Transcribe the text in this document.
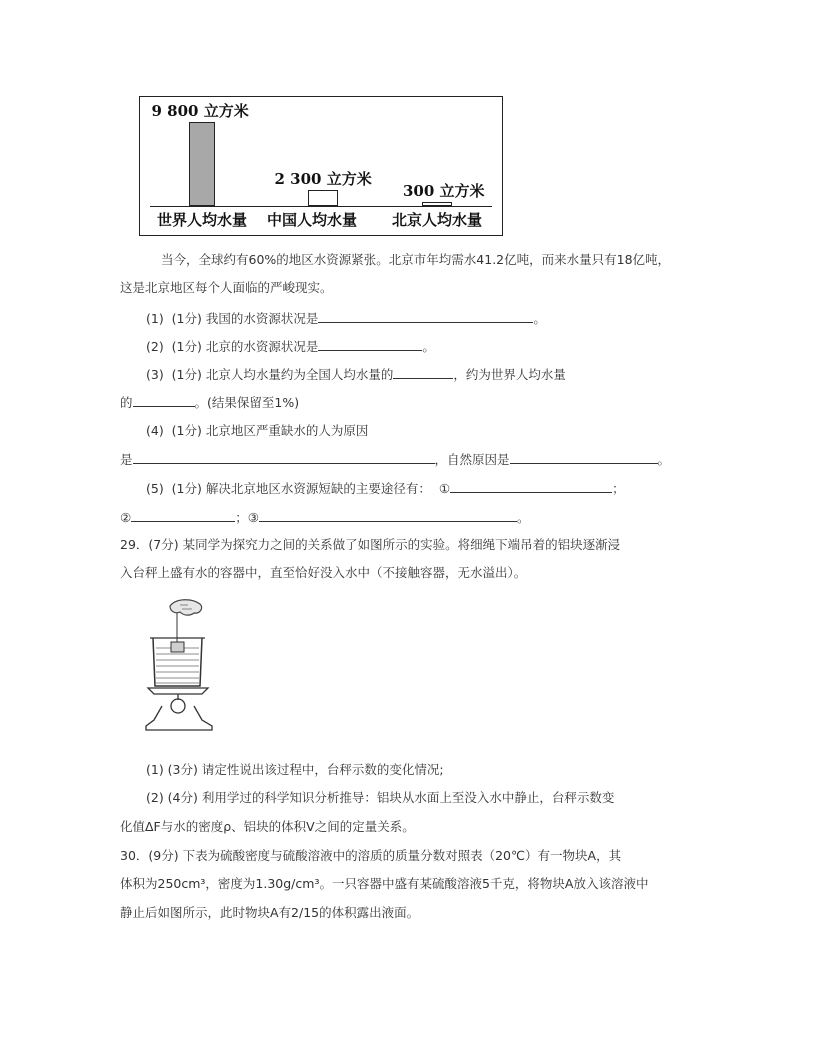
9 800 立方米
世界人均水量
2 300 立方米
中国人均水量
300 立方米
北京人均水量
当今，全球约有60%的地区水资源紧张。北京市年均需水41.2亿吨，而来水量只有18亿吨，
这是北京地区每个人面临的严峻现实。
(1) (1分) 我国的水资源状况是	。
(2) (1分) 北京的水资源状况是	。
(3) (1分) 北京人均水量约为全国人均水量的	，约为世界人均水量
的	。(结果保留至1%)
(4) (1分) 北京地区严重缺水的人为原因
是	，自然原因是	。
(5) (1分) 解决北京地区水资源短缺的主要途径有： ①	；
②	；③	。
29．(7分) 某同学为探究力之间的关系做了如图所示的实验。将细绳下端吊着的铝块逐渐浸
入台秤上盛有水的容器中，直至恰好没入水中（不接触容器，无水溢出）。
(1) (3分) 请定性说出该过程中，台秤示数的变化情况;
(2) (4分) 利用学过的科学知识分析推导：铝块从水面上至没入水中静止，台秤示数变
化值ΔF与水的密度ρ、铝块的体积V之间的定量关系。
30．(9分) 下表为硫酸密度与硫酸溶液中的溶质的质量分数对照表（20℃）有一物块A，其
体积为250cm³，密度为1.30g/cm³。一只容器中盛有某硫酸溶液5千克，将物块A放入该溶液中
静止后如图所示，此时物块A有2/15的体积露出液面。
